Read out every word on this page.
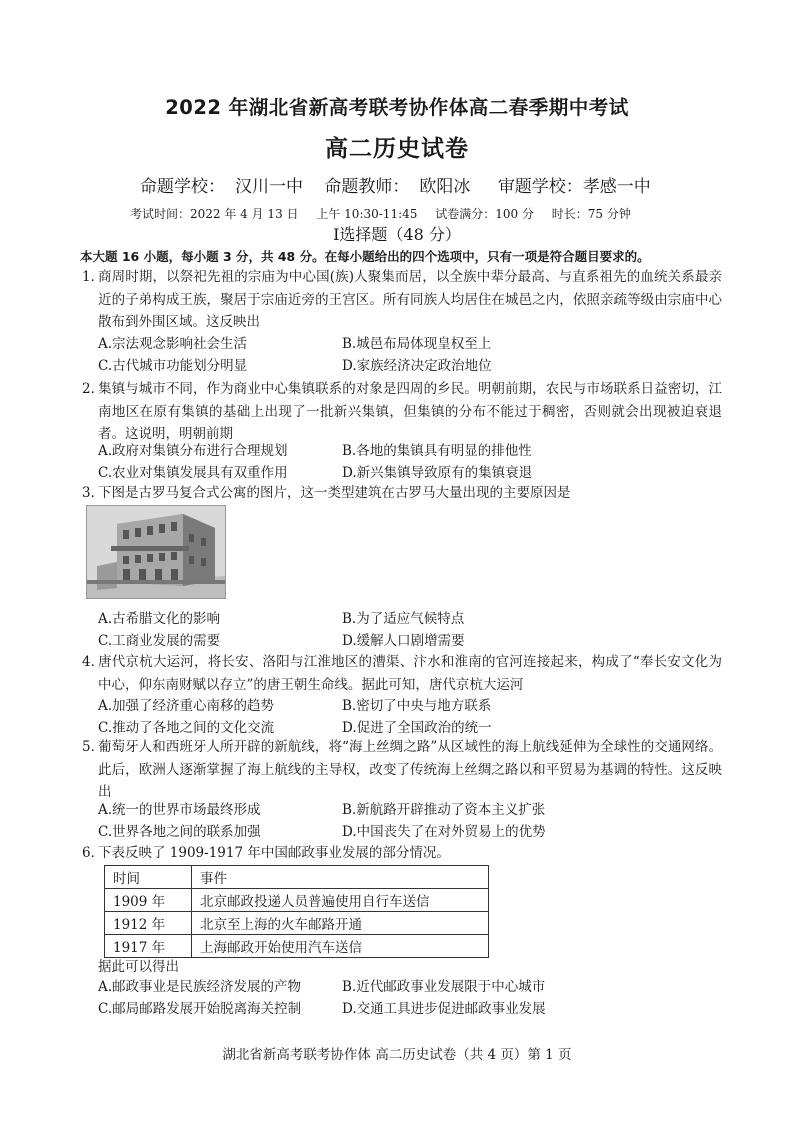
2022 年湖北省新高考联考协作体高二春季期中考试
高二历史试卷
命题学校： 汉川一中 命题教师： 欧阳冰 审题学校：孝感一中
考试时间：2022 年 4 月 13 日 上午 10:30-11:45 试卷满分：100 分 时长：75 分钟
Ⅰ选择题（48 分）
本大题 16 小题，每小题 3 分，共 48 分。在每小题给出的四个选项中，只有一项是符合题目要求的。
1．
商周时期，以祭祀先祖的宗庙为中心国(族)人聚集而居，以全族中辈分最高、与直系祖先的血统关系最亲近的子弟构成王族，聚居于宗庙近旁的王宫区。所有同族人均居住在城邑之内，依照亲疏等级由宗庙中心散布到外围区域。这反映出
A.宗法观念影响社会生活	B.城邑布局体现皇权至上
C.古代城市功能划分明显	D.家族经济决定政治地位
2．
集镇与城市不同，作为商业中心集镇联系的对象是四周的乡民。明朝前期，农民与市场联系日益密切，江南地区在原有集镇的基础上出现了一批新兴集镇，但集镇的分布不能过于稠密，否则就会出现被迫衰退者。这说明，明朝前期
A.政府对集镇分布进行合理规划	B.各地的集镇具有明显的排他性
C.农业对集镇发展具有双重作用	D.新兴集镇导致原有的集镇衰退
3．
下图是古罗马复合式公寓的图片，这一类型建筑在古罗马大量出现的主要原因是
A.古希腊文化的影响	B.为了适应气候特点
C.工商业发展的需要	D.缓解人口剧增需要
4．
唐代京杭大运河，将长安、洛阳与江淮地区的漕渠、汴水和淮南的官河连接起来，构成了“奉长安文化为中心，仰东南财赋以存立”的唐王朝生命线。据此可知，唐代京杭大运河
A.加强了经济重心南移的趋势	B.密切了中央与地方联系
C.推动了各地之间的文化交流	D.促进了全国政治的统一
5．
葡萄牙人和西班牙人所开辟的新航线，将“海上丝绸之路”从区域性的海上航线延伸为全球性的交通网络。此后，欧洲人逐渐掌握了海上航线的主导权，改变了传统海上丝绸之路以和平贸易为基调的特性。这反映出
A.统一的世界市场最终形成	B.新航路开辟推动了资本主义扩张
C.世界各地之间的联系加强	D.中国丧失了在对外贸易上的优势
6．
下表反映了 1909-1917 年中国邮政事业发展的部分情况。
时间	事件
1909 年	北京邮政投递人员普遍使用自行车送信
1912 年	北京至上海的火车邮路开通
1917 年	上海邮政开始使用汽车送信
据此可以得出
A.邮政事业是民族经济发展的产物	B.近代邮政事业发展限于中心城市
C.邮局邮路发展开始脱离海关控制	D.交通工具进步促进邮政事业发展
湖北省新高考联考协作体 高二历史试卷（共 4 页）第 1 页
